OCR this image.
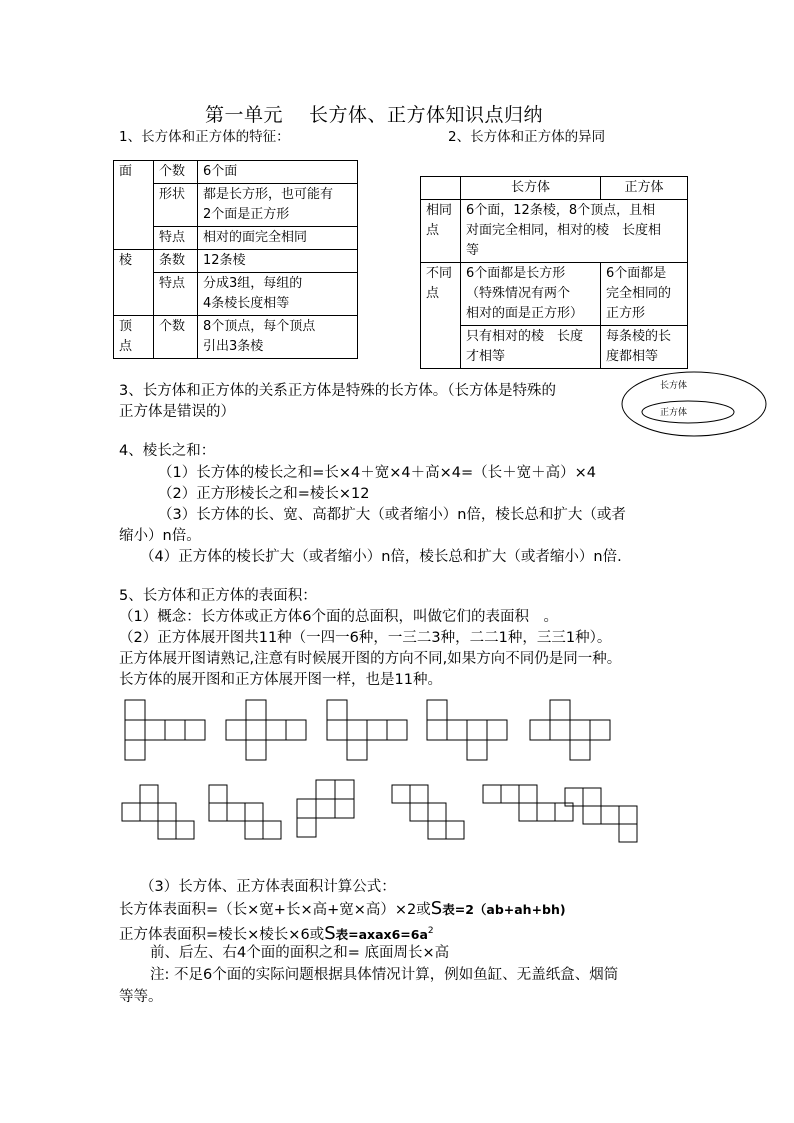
第一单元　 长方体、正方体知识点归纳
1、长方体和正方体的特征：	2、长方体和正方体的异同
面	个数	6个面
	形状	都是长方形，也可能有
2个面是正方形
	特点	相对的面完全相同
棱	条数	12条棱
	特点	分成3组，每组的
4条棱长度相等
顶
点	个数	8个顶点，每个顶点
引出3条棱
	长方体	正方体
相同
点	6个面，12条棱，8个顶点，且相
对面完全相同，相对的棱　长度相
等	
不同
点	6个面都是长方形
（特殊情况有两个
相对的面是正方形）	6个面都是
完全相同的
正方形
	只有相对的棱　长度
才相等	每条棱的长
度都相等
3、长方体和正方体的关系正方体是特殊的长方体。（长方体是特殊的
正方体是错误的）
长方体
正方体
4、棱长之和：
（1）长方体的棱长之和=长×4＋宽×4＋高×4=（长＋宽＋高）×4
（2）正方形棱长之和=棱长×12
（3）长方体的长、宽、高都扩大（或者缩小）n倍，棱长总和扩大（或者
缩小）n倍。
（4）正方体的棱长扩大（或者缩小）n倍，棱长总和扩大（或者缩小）n倍.
5、长方体和正方体的表面积：
（1）概念：长方体或正方体6个面的总面积，叫做它们的表面积　。
（2）正方体展开图共11种（一四一6种，一三二3种，二二1种，三三1种）。
正方体展开图请熟记,注意有时候展开图的方向不同,如果方向不同仍是同一种。
长方体的展开图和正方体展开图一样，也是11种。
（3）长方体、正方体表面积计算公式：
长方体表面积=（长×宽+长×高+宽×高）×2或S表=2（ab+ah+bh)
正方体表面积=棱长×棱长×6或S表$=axax6=6a^2$
前、后左、右4个面的面积之和= 底面周长×高
注: 不足6个面的实际问题根据具体情况计算，例如鱼缸、无盖纸盒、烟筒
等等。
